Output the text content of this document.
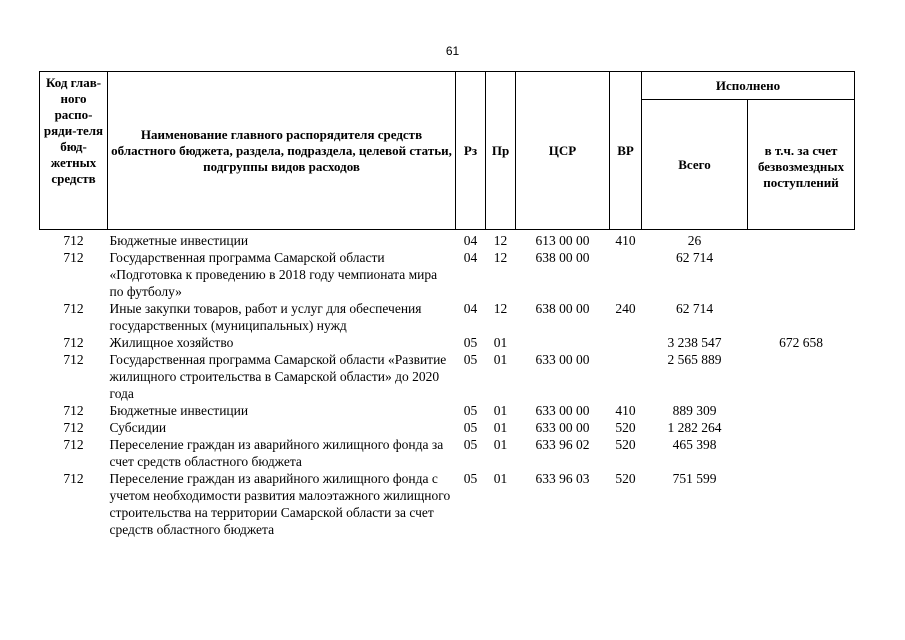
61
Код глав-ного распо-ряди-теля бюд-жетных средств	Наименование главного распорядителя средств областного бюджета, раздела, подраздела, целевой статьи, подгруппы видов расходов	Рз	Пр	ЦСР	ВР	Исполнено	
						Всего	в т.ч. за счет безвозмездных поступлений
712	Бюджетные инвестиции	04	12	613 00 00	410	26	
712	Государственная программа Самарской области «Подготовка к проведению в 2018 году чемпионата мира по футболу»	04	12	638 00 00		62 714	
712	Иные закупки товаров, работ и услуг для обеспечения государственных (муниципальных) нужд	04	12	638 00 00	240	62 714	
712	Жилищное хозяйство	05	01			3 238 547	672 658
712	Государственная программа Самарской области «Развитие жилищного строительства в Самарской области» до 2020 года	05	01	633 00 00		2 565 889	
712	Бюджетные инвестиции	05	01	633 00 00	410	889 309	
712	Субсидии	05	01	633 00 00	520	1 282 264	
712	Переселение граждан из аварийного жилищного фонда за счет средств областного бюджета	05	01	633 96 02	520	465 398	
712	Переселение граждан из аварийного жилищного фонда с учетом необходимости развития малоэтажного жилищного строительства на территории Самарской области за счет средств областного бюджета	05	01	633 96 03	520	751 599	
